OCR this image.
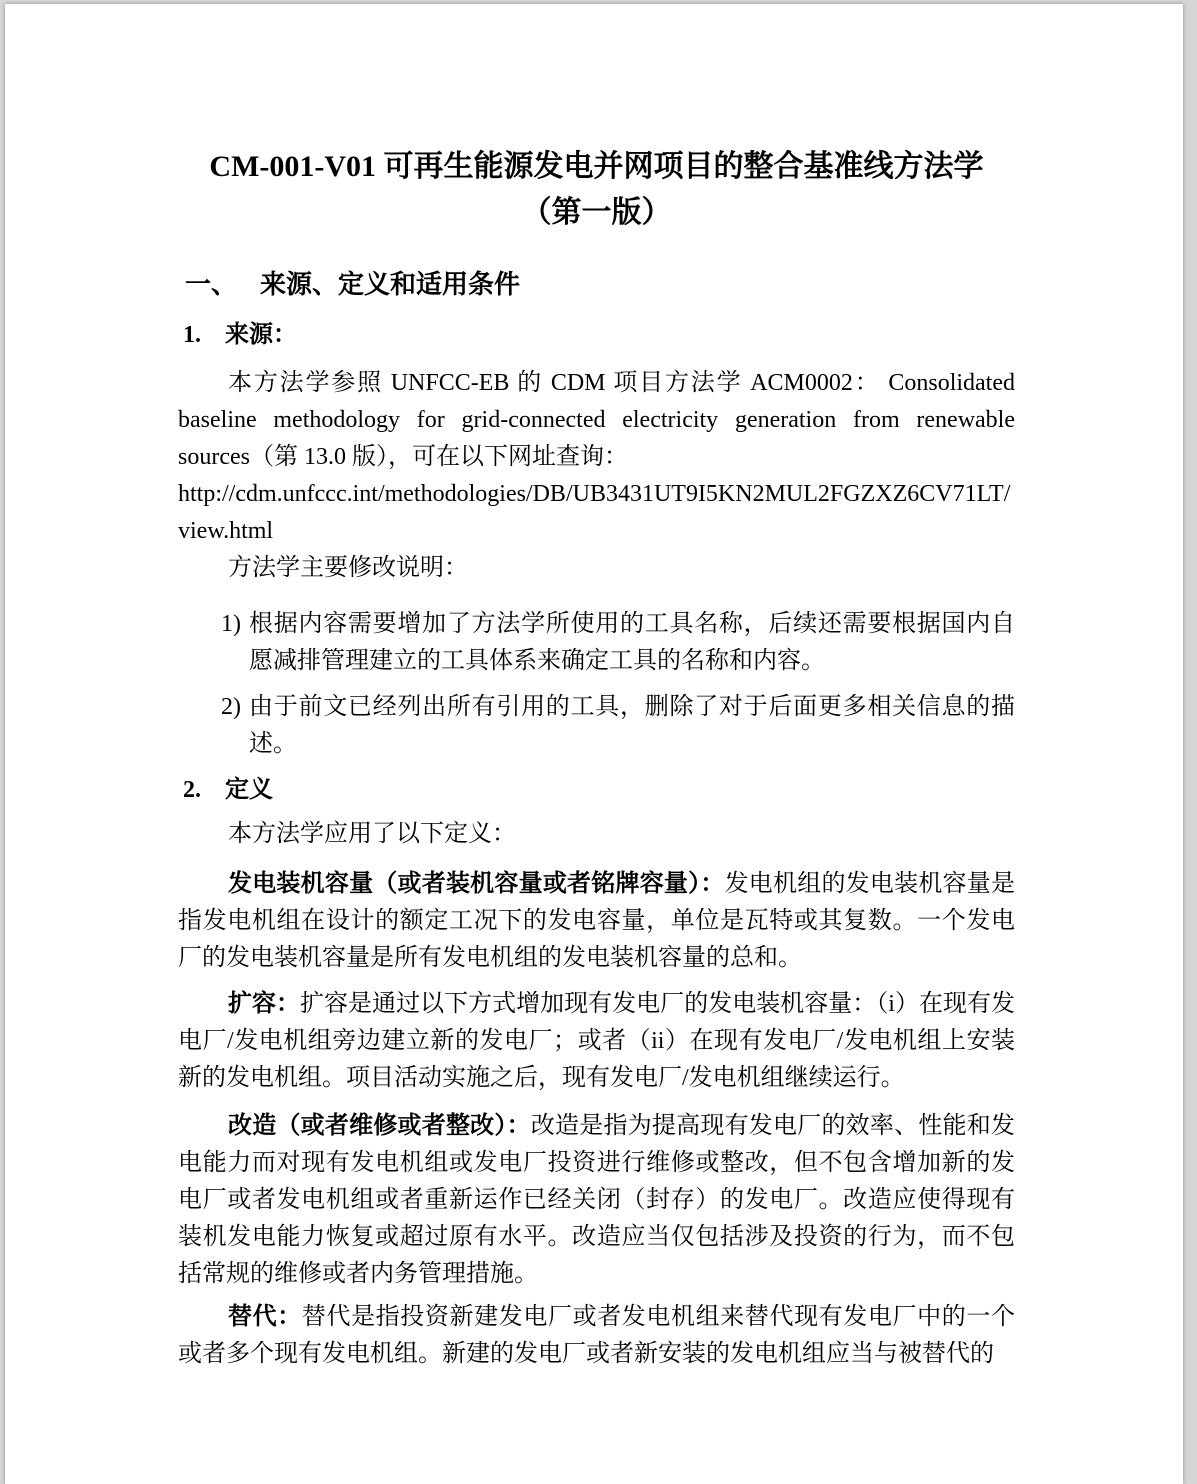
CM-001-V01 可再生能源发电并网项目的整合基准线方法学
（第一版）
一、 来源、定义和适用条件
1. 来源：

本方法学参照 UNFCC-EB 的 CDM 项目方法学 ACM0002： Consolidated baseline methodology for grid-connected electricity generation from renewable sources（第 13.0 版），可在以下网址查询：

http://cdm.unfccc.int/methodologies/DB/UB3431UT9I5KN2MUL2FGZXZ6CV71LT/view.html

方法学主要修改说明：

1) 根据内容需要增加了方法学所使用的工具名称，后续还需要根据国内自愿减排管理建立的工具体系来确定工具的名称和内容。
2) 由于前文已经列出所有引用的工具，删除了对于后面更多相关信息的描述。
2. 定义

本方法学应用了以下定义：

发电装机容量（或者装机容量或者铭牌容量）：发电机组的发电装机容量是指发电机组在设计的额定工况下的发电容量，单位是瓦特或其复数。一个发电厂的发电装机容量是所有发电机组的发电装机容量的总和。

扩容：扩容是通过以下方式增加现有发电厂的发电装机容量：（i）在现有发电厂/发电机组旁边建立新的发电厂；或者（ii）在现有发电厂/发电机组上安装新的发电机组。项目活动实施之后，现有发电厂/发电机组继续运行。

改造（或者维修或者整改）：改造是指为提高现有发电厂的效率、性能和发电能力而对现有发电机组或发电厂投资进行维修或整改，但不包含增加新的发电厂或者发电机组或者重新运作已经关闭（封存）的发电厂。改造应使得现有装机发电能力恢复或超过原有水平。改造应当仅包括涉及投资的行为，而不包括常规的维修或者内务管理措施。

替代：替代是指投资新建发电厂或者发电机组来替代现有发电厂中的一个或者多个现有发电机组。新建的发电厂或者新安装的发电机组应当与被替代的
